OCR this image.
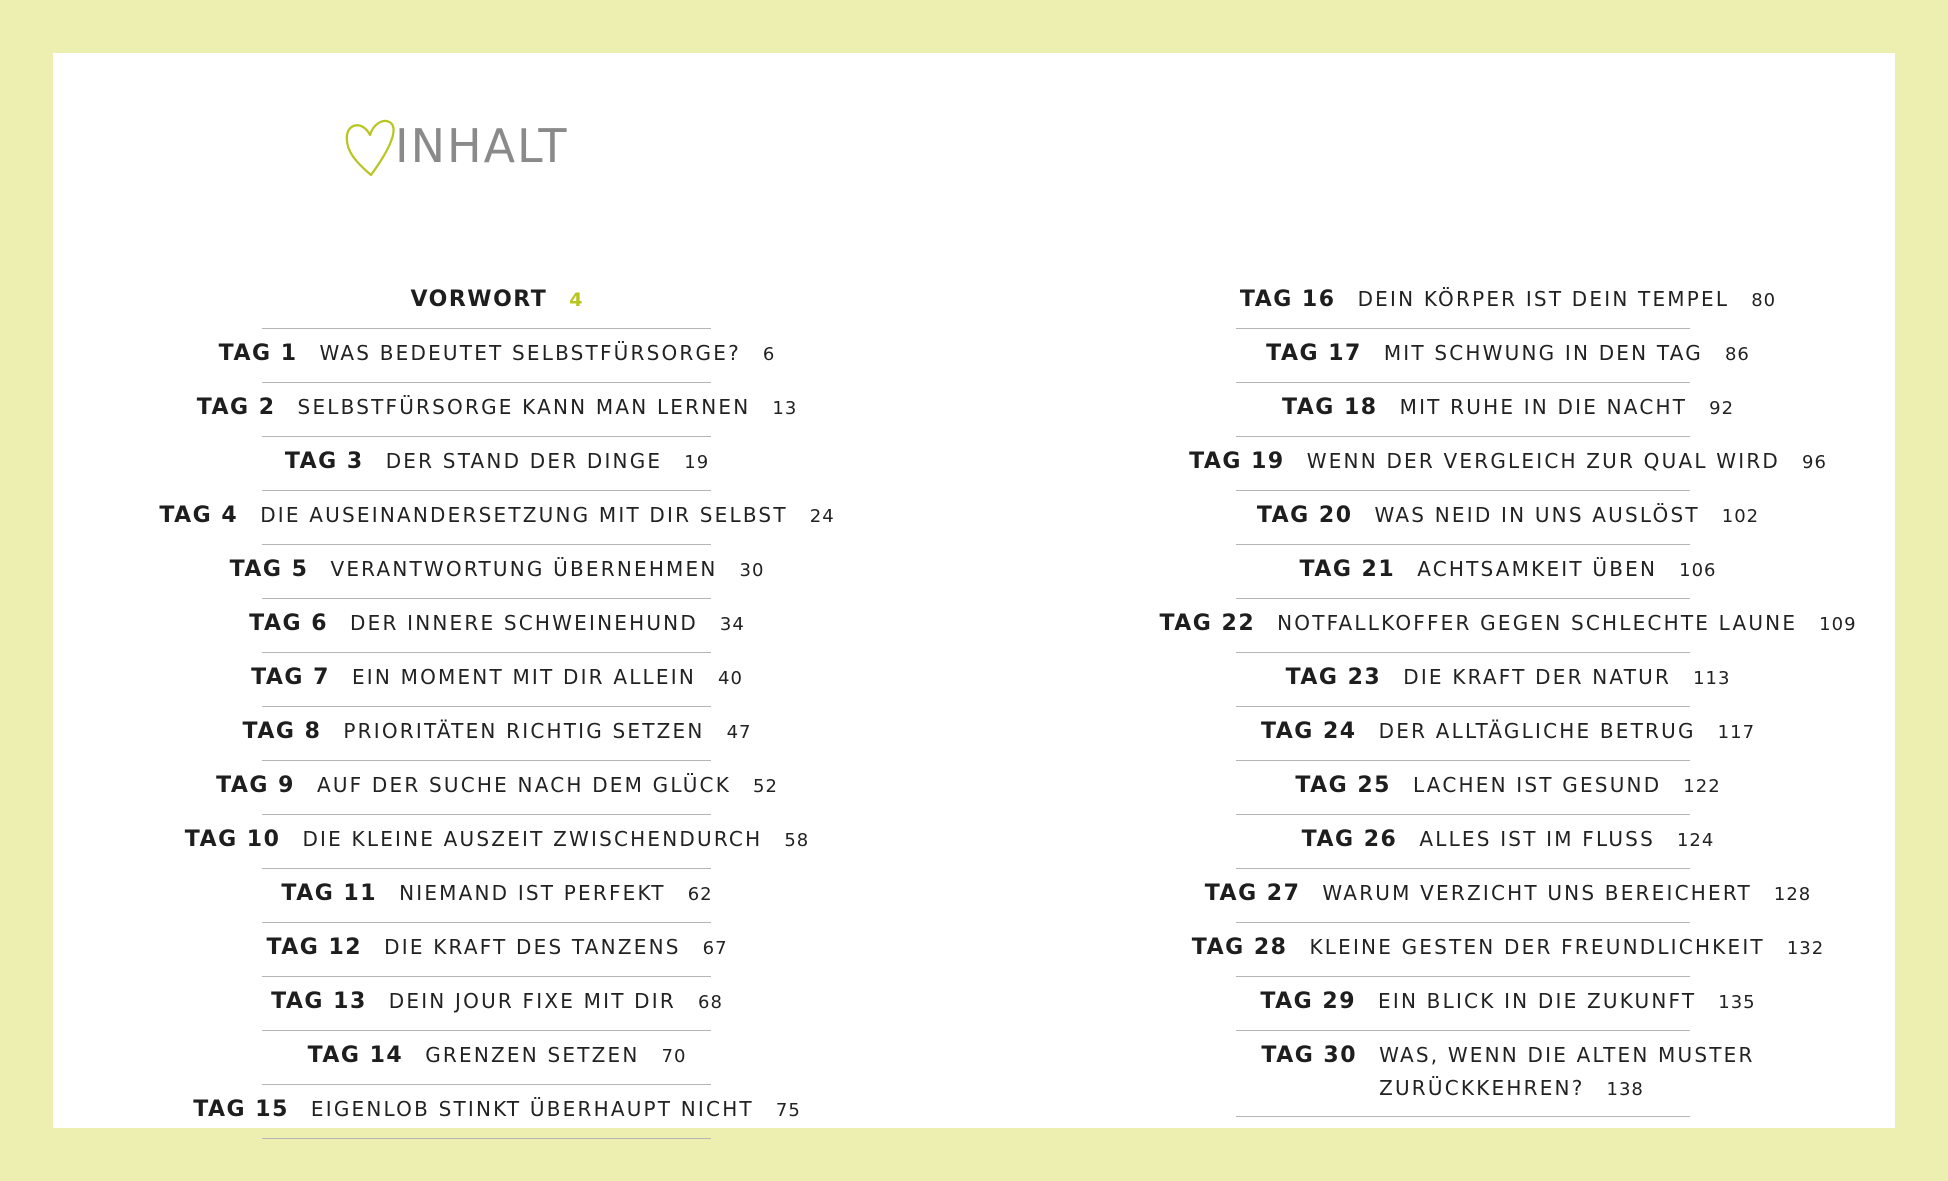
INHALT
VORWORT 4
TAG 1 WAS BEDEUTET SELBSTFÜRSORGE? 6
TAG 2 SELBSTFÜRSORGE KANN MAN LERNEN 13
TAG 3 DER STAND DER DINGE 19
TAG 4 DIE AUSEINANDERSETZUNG MIT DIR SELBST 24
TAG 5 VERANTWORTUNG ÜBERNEHMEN 30
TAG 6 DER INNERE SCHWEINEHUND 34
TAG 7 EIN MOMENT MIT DIR ALLEIN 40
TAG 8 PRIORITÄTEN RICHTIG SETZEN 47
TAG 9 AUF DER SUCHE NACH DEM GLÜCK 52
TAG 10 DIE KLEINE AUSZEIT ZWISCHENDURCH 58
TAG 11 NIEMAND IST PERFEKT 62
TAG 12 DIE KRAFT DES TANZENS 67
TAG 13 DEIN JOUR FIXE MIT DIR 68
TAG 14 GRENZEN SETZEN 70
TAG 15 EIGENLOB STINKT ÜBERHAUPT NICHT 75
TAG 16 DEIN KÖRPER IST DEIN TEMPEL 80
TAG 17 MIT SCHWUNG IN DEN TAG 86
TAG 18 MIT RUHE IN DIE NACHT 92
TAG 19 WENN DER VERGLEICH ZUR QUAL WIRD 96
TAG 20 WAS NEID IN UNS AUSLÖST 102
TAG 21 ACHTSAMKEIT ÜBEN 106
TAG 22 NOTFALLKOFFER GEGEN SCHLECHTE LAUNE 109
TAG 23 DIE KRAFT DER NATUR 113
TAG 24 DER ALLTÄGLICHE BETRUG 117
TAG 25 LACHEN IST GESUND 122
TAG 26 ALLES IST IM FLUSS 124
TAG 27 WARUM VERZICHT UNS BEREICHERT 128
TAG 28 KLEINE GESTEN DER FREUNDLICHKEIT 132
TAG 29 EIN BLICK IN DIE ZUKUNFT 135
TAG 30 WAS, WENN DIE ALTEN MUSTER
ZURÜCKKEHREN? 138
